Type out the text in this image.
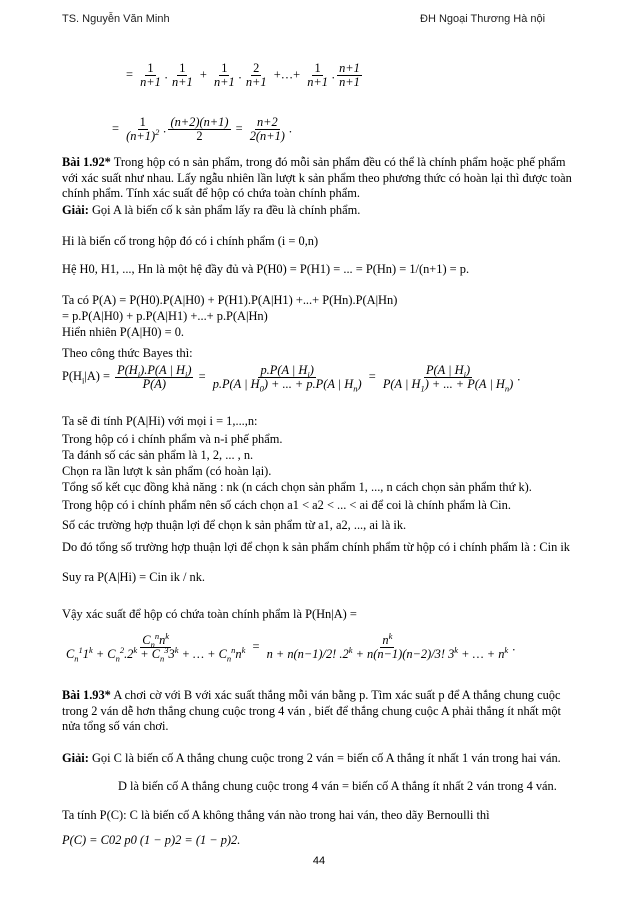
TS. Nguyễn Văn Minh	ĐH Ngoại Thương Hà nội
= $\frac{1}{n+1}$ . $\frac{1}{n+1} + \frac{1}{n+1}$ . $\frac{2}{n+1}$ +…+ $\frac{1}{n+1}$ . $\frac{n+1}{n+1}$
= $\frac{1}{(n+1)^2}$ . $\frac{(n+2)(n+1)}{2} = \frac{n+2}{2(n+1)}$ .
Bài 1.92* Trong hộp có n sản phẩm, trong đó mỗi sản phẩm đều có thể là chính phẩm hoặc phế phẩm với xác suất như nhau. Lấy ngẫu nhiên lần lượt k sản phẩm theo phương thức có hoàn lại thì được toàn chính phẩm. Tính xác suất để hộp có chứa toàn chính phẩm.
Giải: Gọi A là biến cố k sản phẩm lấy ra đều là chính phẩm.
Hi là biến cố trong hộp đó có i chính phẩm (i = 0,n)
Hệ H0, H1, ..., Hn là một hệ đầy đủ và P(H0) = P(H1) = ... = P(Hn) = 1/(n+1) = p.
Ta có P(A) = P(H0).P(A|H0) + P(H1).P(A|H1) +...+ P(Hn).P(A|Hn)
= p.P(A|H0) + p.P(A|H1) +...+ p.P(A|Hn)
Hiển nhiên P(A|H0) = 0.
Theo công thức Bayes thì:
$P(H_i|A) = \frac{P(H_i).P(A | H_i)}{P(A)} = \frac{p.P(A | H_i)}{p.P(A | H_0) + ... + p.P(A | H_n)} = \frac{P(A | H_i)}{P(A | H_1) + ... + P(A | H_n)}$ .
Ta sẽ đi tính P(A|Hi) với mọi i = 1,...,n:
Trong hộp có i chính phẩm và n-i phế phẩm.
Ta đánh số các sản phẩm là 1, 2, ... , n.
Chọn ra lần lượt k sản phẩm (có hoàn lại).
Tổng số kết cục đồng khả năng : nk (n cách chọn sản phẩm 1, ..., n cách chọn sản phẩm thứ k).
Trong hộp có i chính phẩm nên số cách chọn a1 < a2 < ... < ai để coi là chính phẩm là Cin.
Số các trường hợp thuận lợi để chọn k sản phẩm từ a1, a2, ..., ai là ik.
Do đó tổng số trường hợp thuận lợi để chọn k sản phẩm chính phẩm từ hộp có i chính phẩm là : Cin ik
Suy ra P(A|Hi) = Cin ik / nk.
Vậy xác suất để hộp có chứa toàn chính phẩm là P(Hn|A) =
$\frac{C_n^nn^k}{C_n^11^k + C_n^2.2^k + C_n^33^k + \dots + C_n^nn^k} = \frac{n^k}{n + n(n-1)/2! .2^k + n(n-1)(n-2)/3! 3^k + \dots + n^k}$ .
Bài 1.93* A chơi cờ với B với xác suất thắng mỗi ván bằng p. Tìm xác suất p để A thắng chung cuộc trong 2 ván dễ hơn thắng chung cuộc trong 4 ván , biết để thắng chung cuộc A phải thắng ít nhất một nửa tổng số ván chơi.
Giải: Gọi C là biến cố A thắng chung cuộc trong 2 ván = biến cố A thắng ít nhất 1 ván trong hai ván.
D là biến cố A thắng chung cuộc trong 4 ván = biến cố A thắng ít nhất 2 ván trong 4 ván.
Ta tính P(C): C là biến cố A không thắng ván nào trong hai ván, theo dãy Bernoulli thì
P(C) = C02 p0 (1 − p)2 = (1 − p)2.
44
